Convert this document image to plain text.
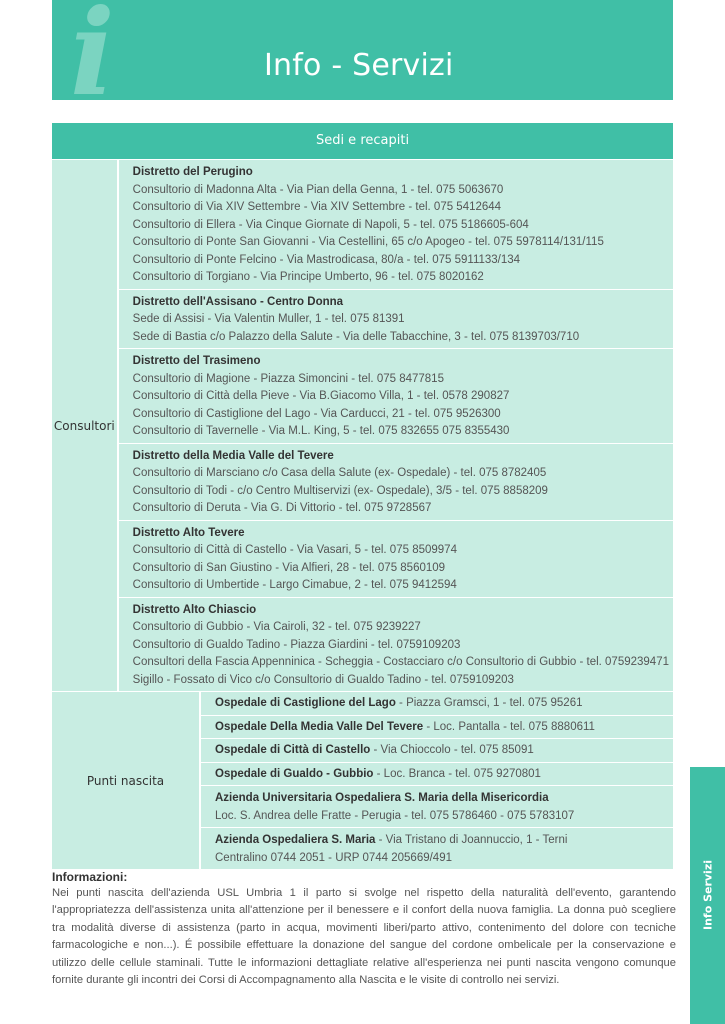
i	Info - Servizi
Sedi e recapiti
Consultori
Distretto del Perugino
Consultorio di Madonna Alta - Via Pian della Genna, 1 - tel. 075 5063670
Consultorio di Via XIV Settembre - Via XIV Settembre - tel. 075 5412644
Consultorio di Ellera - Via Cinque Giornate di Napoli, 5 - tel. 075 5186605-604
Consultorio di Ponte San Giovanni - Via Cestellini, 65 c/o Apogeo - tel. 075 5978114/131/115
Consultorio di Ponte Felcino - Via Mastrodicasa, 80/a - tel. 075 5911133/134
Consultorio di Torgiano - Via Principe Umberto, 96 - tel. 075 8020162
Distretto dell'Assisano - Centro Donna
Sede di Assisi - Via Valentin Muller, 1 - tel. 075 81391
Sede di Bastia c/o Palazzo della Salute - Via delle Tabacchine, 3 - tel. 075 8139703/710
Distretto del Trasimeno
Consultorio di Magione - Piazza Simoncini - tel. 075 8477815
Consultorio di Città della Pieve - Via B.Giacomo Villa, 1 - tel. 0578 290827
Consultorio di Castiglione del Lago - Via Carducci, 21 - tel. 075 9526300
Consultorio di Tavernelle - Via M.L. King, 5 - tel. 075 832655 075 8355430
Distretto della Media Valle del Tevere
Consultorio di Marsciano c/o Casa della Salute (ex- Ospedale) - tel. 075 8782405
Consultorio di Todi - c/o Centro Multiservizi (ex- Ospedale), 3/5 - tel. 075 8858209
Consultorio di Deruta - Via G. Di Vittorio - tel. 075 9728567
Distretto Alto Tevere
Consultorio di Città di Castello - Via Vasari, 5 - tel. 075 8509974
Consultorio di San Giustino - Via Alfieri, 28 - tel. 075 8560109
Consultorio di Umbertide - Largo Cimabue, 2 - tel. 075 9412594
Distretto Alto Chiascio
Consultorio di Gubbio - Via Cairoli, 32 - tel. 075 9239227
Consultorio di Gualdo Tadino - Piazza Giardini - tel. 0759109203
Consultori della Fascia Appenninica - Scheggia - Costacciaro c/o Consultorio di Gubbio - tel. 0759239471
Sigillo - Fossato di Vico c/o Consultorio di Gualdo Tadino - tel. 0759109203
Punti nascita
Ospedale di Castiglione del Lago - Piazza Gramsci, 1 - tel. 075 95261
Ospedale Della Media Valle Del Tevere - Loc. Pantalla - tel. 075 8880611
Ospedale di Città di Castello - Via Chioccolo - tel. 075 85091
Ospedale di Gualdo - Gubbio - Loc. Branca - tel. 075 9270801
Azienda Universitaria Ospedaliera S. Maria della Misericordia
Loc. S. Andrea delle Fratte - Perugia - tel. 075 5786460 - 075 5783107
Azienda Ospedaliera S. Maria - Via Tristano di Joannuccio, 1 - Terni
Centralino 0744 2051 - URP 0744 205669/491
Informazioni:
Nei punti nascita dell'azienda USL Umbria 1 il parto si svolge nel rispetto della naturalità dell'evento, garantendo l'appropriatezza dell'assistenza unita all'attenzione per il benessere e il confort della nuova famiglia. La donna può scegliere tra modalità diverse di assistenza (parto in acqua, movimenti liberi/parto attivo, contenimento del dolore con tecniche farmacologiche e non...). É possibile effettuare la donazione del sangue del cordone ombelicale per la conservazione e utilizzo delle cellule staminali. Tutte le informazioni dettagliate relative all'esperienza nei punti nascita vengono comunque fornite durante gli incontri dei Corsi di Accompagnamento alla Nascita e le visite di controllo nei servizi.
Info Servizi
